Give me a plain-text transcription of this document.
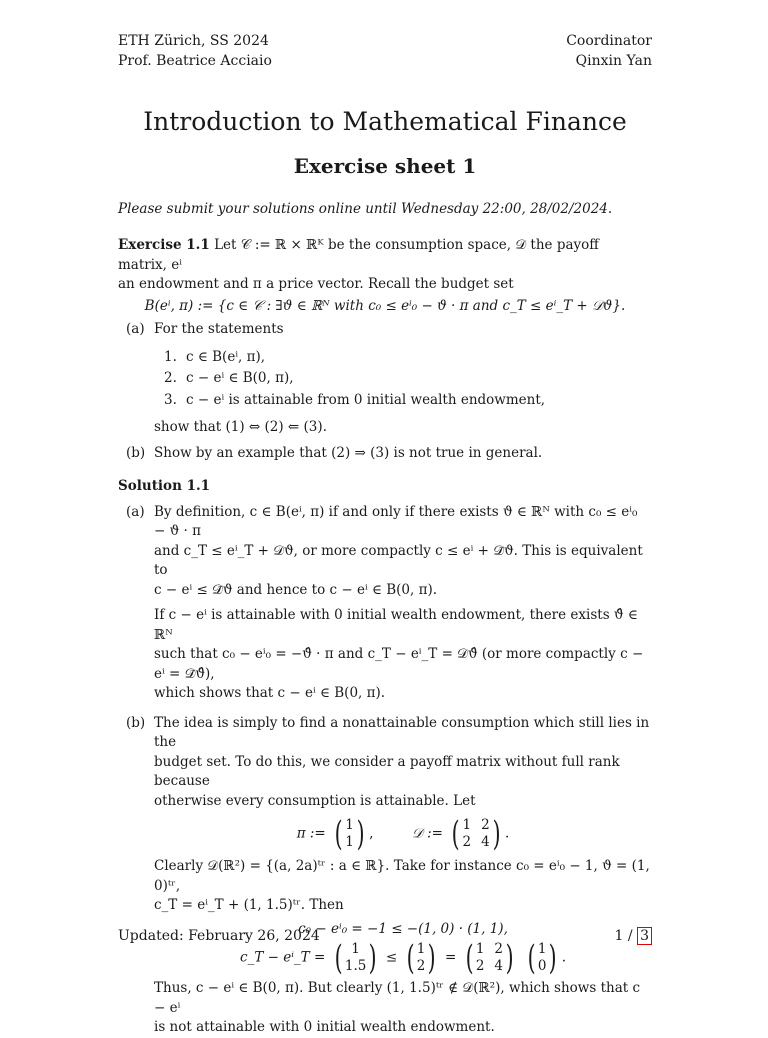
ETH Zürich, SS 2024
Prof. Beatrice Acciaio
Coordinator
Qinxin Yan
Introduction to Mathematical Finance
Exercise sheet 1
Please submit your solutions online until Wednesday 22:00, 28/02/2024.

Exercise 1.1 Let 𝒞 := ℝ × ℝᴷ be the consumption space, 𝒟 the payoff matrix, eⁱ

an endowment and π a price vector. Recall the budget set

B(eⁱ, π) := {c ∈ 𝒞 : ∃ϑ ∈ ℝᴺ with c₀ ≤ eⁱ₀ − ϑ · π and c_T ≤ eⁱ_T + 𝒟ϑ}.

(a) For the statements

1. c ∈ B(eⁱ, π),
2. c − eⁱ ∈ B(0, π),
3. c − eⁱ is attainable from 0 initial wealth endowment,

show that (1) ⇔ (2) ⇐ (3).

(b) Show by an example that (2) ⇒ (3) is not true in general.

Solution 1.1

(a) By definition, c ∈ B(eⁱ, π) if and only if there exists ϑ ∈ ℝᴺ with c₀ ≤ eⁱ₀ − ϑ · π

and c_T ≤ eⁱ_T + 𝒟ϑ, or more compactly c ≤ eⁱ + 𝒟̄ϑ. This is equivalent to

c − eⁱ ≤ 𝒟̄ϑ and hence to c − eⁱ ∈ B(0, π).

If c − eⁱ is attainable with 0 initial wealth endowment, there exists ϑ̂ ∈ ℝᴺ

such that c₀ − eⁱ₀ = −ϑ̂ · π and c_T − eⁱ_T = 𝒟ϑ̂ (or more compactly c − eⁱ = 𝒟̄ϑ̂),

which shows that c − eⁱ ∈ B(0, π).

(b) The idea is simply to find a nonattainable consumption which still lies in the

budget set. To do this, we consider a payoff matrix without full rank because

otherwise every consumption is attainable. Let

π := ( 1
1 ) ,	𝒟 := ( 1 2
2 4 ) .

Clearly 𝒟(ℝ²) = {(a, 2a)ᵗʳ : a ∈ ℝ}. Take for instance c₀ = eⁱ₀ − 1, ϑ = (1, 0)ᵗʳ,

c_T = eⁱ_T + (1, 1.5)ᵗʳ. Then

c₀ − eⁱ₀ = −1 ≤ −(1, 0) · (1, 1),

c_T − eⁱ_T = ( 1
1.5 ) ≤ ( 1
2 ) = ( 1 2
2 4 )
( 1
0 ) .

Thus, c − eⁱ ∈ B(0, π). But clearly (1, 1.5)ᵗʳ ∉ 𝒟(ℝ²), which shows that c − eⁱ

is not attainable with 0 initial wealth endowment.

Updated: February 26, 2024	1 / 3
